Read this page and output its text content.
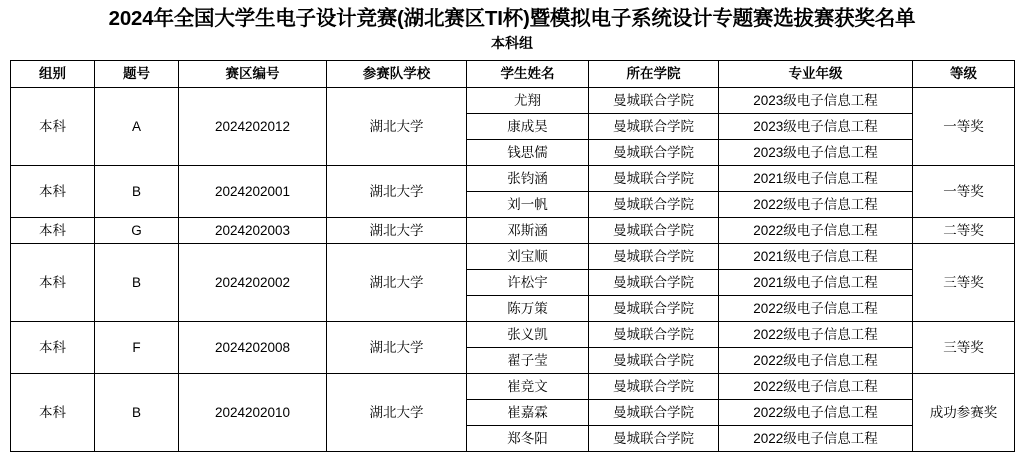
2024年全国大学生电子设计竞赛(湖北赛区TI杯)暨模拟电子系统设计专题赛选拔赛获奖名单
本科组
组别	题号	赛区编号	参赛队学校	学生姓名	所在学院	专业年级	等级
本科	A	2024202012	湖北大学	尤翔	曼城联合学院	2023级电子信息工程	一等奖
				康成昊	曼城联合学院	2023级电子信息工程	
				钱思儒	曼城联合学院	2023级电子信息工程	
本科	B	2024202001	湖北大学	张钧涵	曼城联合学院	2021级电子信息工程	一等奖
				刘一帆	曼城联合学院	2022级电子信息工程	
本科	G	2024202003	湖北大学	邓斯涵	曼城联合学院	2022级电子信息工程	二等奖
本科	B	2024202002	湖北大学	刘宝顺	曼城联合学院	2021级电子信息工程	三等奖
				许松宇	曼城联合学院	2021级电子信息工程	
				陈万策	曼城联合学院	2022级电子信息工程	
本科	F	2024202008	湖北大学	张义凯	曼城联合学院	2022级电子信息工程	三等奖
				翟子莹	曼城联合学院	2022级电子信息工程	
本科	B	2024202010	湖北大学	崔竞文	曼城联合学院	2022级电子信息工程	成功参赛奖
				崔嘉霖	曼城联合学院	2022级电子信息工程	
				郑冬阳	曼城联合学院	2022级电子信息工程	
